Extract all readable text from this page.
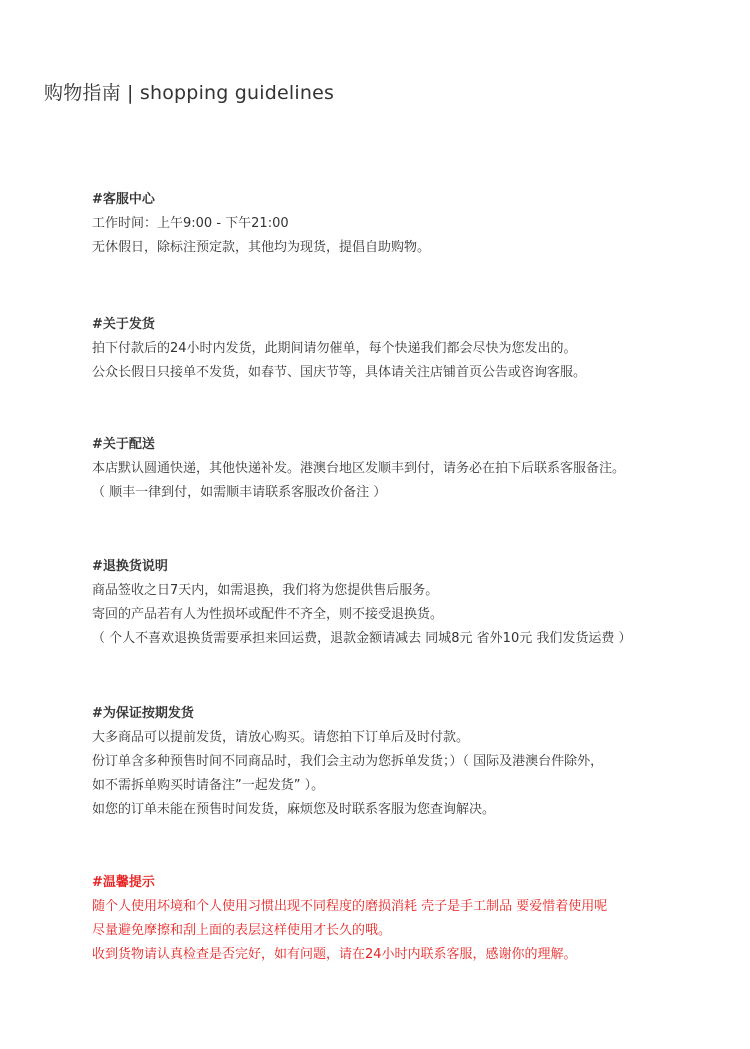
购物指南 | shopping guidelines
#客服中心

工作时间：上午9:00 - 下午21:00

无休假日，除标注预定款，其他均为现货，提倡自助购物。

#关于发货

拍下付款后的24小时内发货，此期间请勿催单，每个快递我们都会尽快为您发出的。

公众长假日只接单不发货，如春节、国庆节等，具体请关注店铺首页公告或咨询客服。

#关于配送

本店默认圆通快递，其他快递补发。港澳台地区发顺丰到付，请务必在拍下后联系客服备注。

（ 顺丰一律到付，如需顺丰请联系客服改价备注 ）

#退换货说明

商品签收之日7天内，如需退换，我们将为您提供售后服务。

寄回的产品若有人为性损坏或配件不齐全，则不接受退换货。

（ 个人不喜欢退换货需要承担来回运费，退款金额请减去 同城8元 省外10元 我们发货运费 ）

#为保证按期发货

大多商品可以提前发货，请放心购买。请您拍下订单后及时付款。

份订单含多种预售时间不同商品时，我们会主动为您拆单发货；）（ 国际及港澳台件除外，

如不需拆单购买时请备注”一起发货” ）。

如您的订单未能在预售时间发货，麻烦您及时联系客服为您查询解决。

#温馨提示

随个人使用坏境和个人使用习惯出现不同程度的磨损消耗 壳子是手工制品 要爱惜着使用呢

尽量避免摩擦和刮上面的表层这样使用才长久的哦。

收到货物请认真检查是否完好，如有问题，请在24小时内联系客服，感谢你的理解。
